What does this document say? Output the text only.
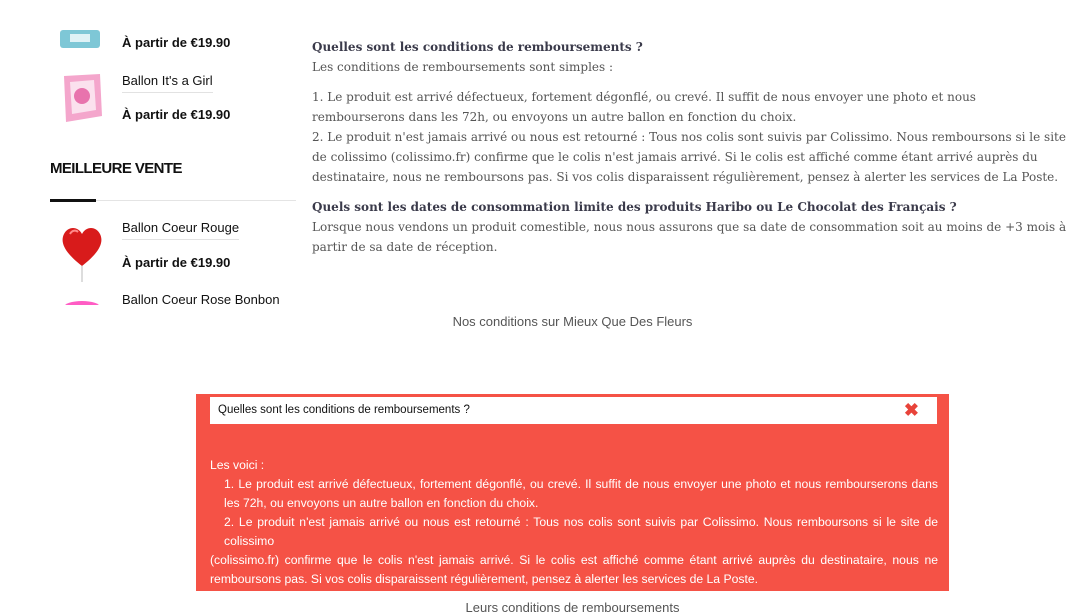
À partir de €19.90
Ballon It's a Girl
À partir de €19.90
MEILLEURE VENTE
Ballon Coeur Rouge
À partir de €19.90
Ballon Coeur Rose Bonbon
Quelles sont les conditions de remboursements ?

Les conditions de remboursements sont simples :

1. Le produit est arrivé défectueux, fortement dégonflé, ou crevé. Il suffit de nous envoyer une photo et nous rembourserons dans les 72h, ou envoyons un autre ballon en fonction du choix.

2. Le produit n'est jamais arrivé ou nous est retourné : Tous nos colis sont suivis par Colissimo. Nous remboursons si le site de colissimo (colissimo.fr) confirme que le colis n'est jamais arrivé. Si le colis est affiché comme étant arrivé auprès du destinataire, nous ne remboursons pas. Si vos colis disparaissent régulièrement, pensez à alerter les services de La Poste.

Quels sont les dates de consommation limite des produits Haribo ou Le Chocolat des Français ?

Lorsque nous vendons un produit comestible, nous nous assurons que sa date de consommation soit au moins de +3 mois à partir de sa date de réception.

Nos conditions sur Mieux Que Des Fleurs
Quelles sont les conditions de remboursements ?	✖

Les voici :

1. Le produit est arrivé défectueux, fortement dégonflé, ou crevé. Il suffit de nous envoyer une photo et nous rembourserons dans les 72h, ou envoyons un autre ballon en fonction du choix.

2. Le produit n'est jamais arrivé ou nous est retourné : Tous nos colis sont suivis par Colissimo. Nous remboursons si le site de colissimo

(colissimo.fr) confirme que le colis n'est jamais arrivé. Si le colis est affiché comme étant arrivé auprès du destinataire, nous ne remboursons pas. Si vos colis disparaissent régulièrement, pensez à alerter les services de La Poste.

Leurs conditions de remboursements
